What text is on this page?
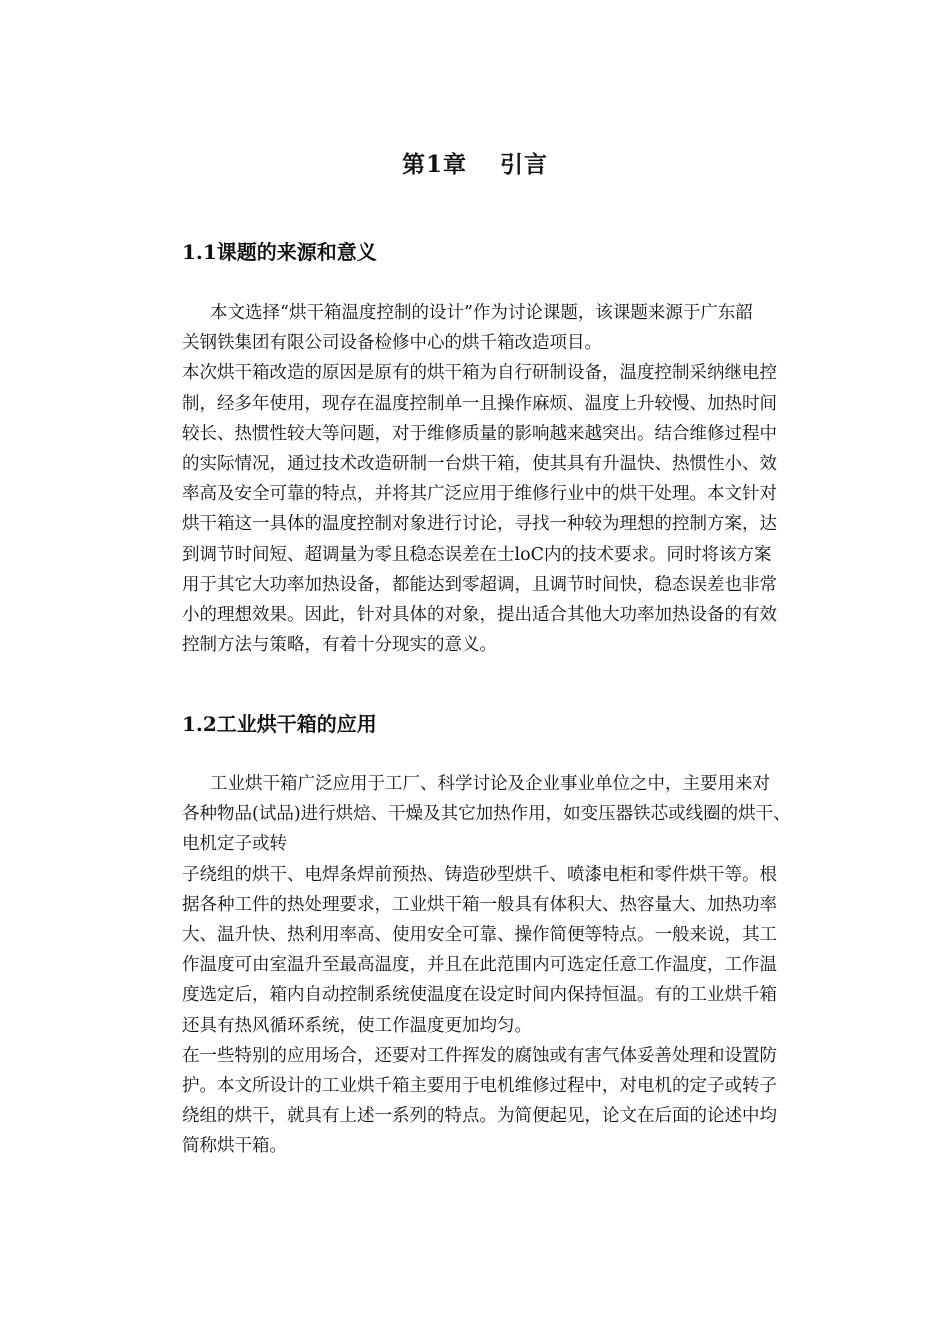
第1章　 引言
1.1课题的来源和意义

本文选择“烘干箱温度控制的设计”作为讨论课题，该课题来源于广东韶

关钢铁集团有限公司设备检修中心的烘千箱改造项目。

本次烘干箱改造的原因是原有的烘干箱为自行研制设备，温度控制采纳继电控

制，经多年使用，现存在温度控制单一且操作麻烦、温度上升较慢、加热时间

较长、热惯性较大等问题，对于维修质量的影响越来越突出。结合维修过程中

的实际情况，通过技术改造研制一台烘干箱，使其具有升温快、热惯性小、效

率高及安全可靠的特点，并将其广泛应用于维修行业中的烘干处理。本文针对

烘干箱这一具体的温度控制对象进行讨论，寻找一种较为理想的控制方案，达

到调节时间短、超调量为零且稳态误差在士loC内的技术要求。同时将该方案

用于其它大功率加热设备，都能达到零超调，且调节时间快，稳态误差也非常

小的理想效果。因此，针对具体的对象，提出适合其他大功率加热设备的有效

控制方法与策略，有着十分现实的意义。

1.2工业烘干箱的应用

工业烘干箱广泛应用于工厂、科学讨论及企业事业单位之中，主要用来对

各种物品(试品)进行烘焙、干燥及其它加热作用，如变压器铁芯或线圈的烘干、

电机定子或转

子绕组的烘干、电焊条焊前预热、铸造砂型烘千、喷漆电柜和零件烘干等。根

据各种工件的热处理要求，工业烘干箱一般具有体积大、热容量大、加热功率

大、温升快、热利用率高、使用安全可靠、操作简便等特点。一般来说，其工

作温度可由室温升至最高温度，并且在此范围内可选定任意工作温度，工作温

度选定后，箱内自动控制系统使温度在设定时间内保持恒温。有的工业烘千箱

还具有热风循环系统，使工作温度更加均匀。

在一些特别的应用场合，还要对工件挥发的腐蚀或有害气体妥善处理和设置防

护。本文所设计的工业烘千箱主要用于电机维修过程中，对电机的定子或转子

绕组的烘干，就具有上述一系列的特点。为简便起见，论文在后面的论述中均

简称烘干箱。
